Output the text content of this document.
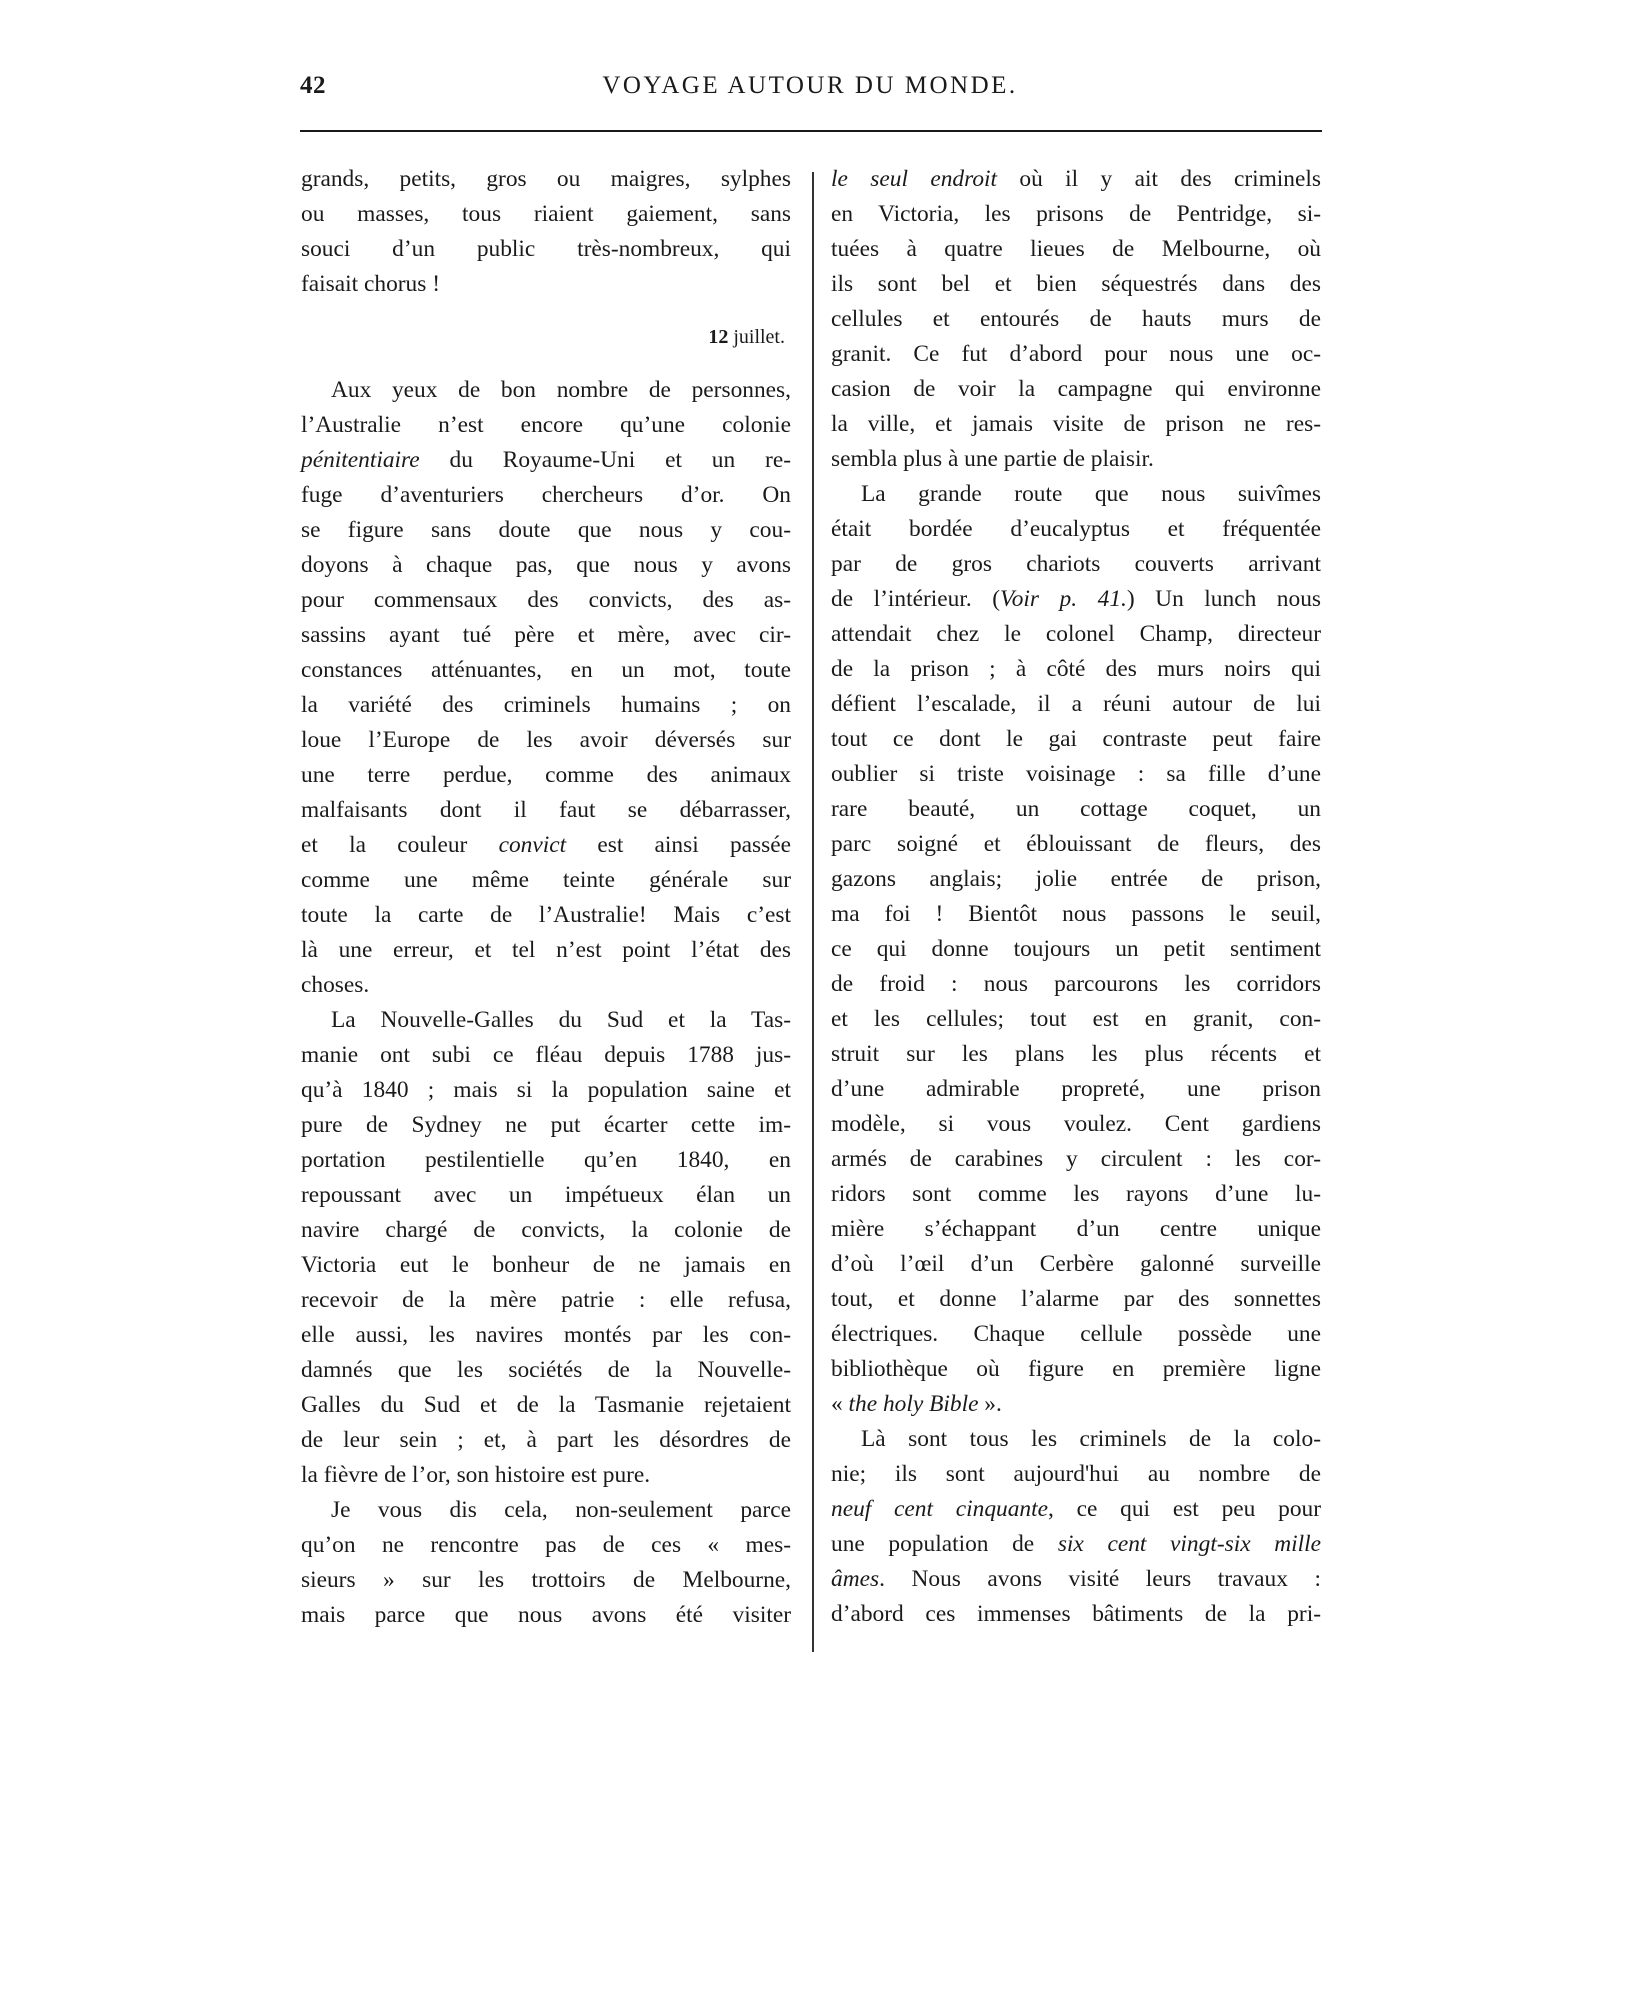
42	VOYAGE AUTOUR DU MONDE.
grands, petits, gros ou maigres, sylphes
ou masses, tous riaient gaiement, sans
souci d’un public très-nombreux, qui
faisait chorus !
12 juillet.
Aux yeux de bon nombre de personnes,
l’Australie n’est encore qu’une colonie
pénitentiaire du Royaume-Uni et un re-
fuge d’aventuriers chercheurs d’or. On
se figure sans doute que nous y cou-
doyons à chaque pas, que nous y avons
pour commensaux des convicts, des as-
sassins ayant tué père et mère, avec cir-
constances atténuantes, en un mot, toute
la variété des criminels humains ; on
loue l’Europe de les avoir déversés sur
une terre perdue, comme des animaux
malfaisants dont il faut se débarrasser,
et la couleur convict est ainsi passée
comme une même teinte générale sur
toute la carte de l’Australie! Mais c’est
là une erreur, et tel n’est point l’état des
choses.
La Nouvelle-Galles du Sud et la Tas-
manie ont subi ce fléau depuis 1788 jus-
qu’à 1840 ; mais si la population saine et
pure de Sydney ne put écarter cette im-
portation pestilentielle qu’en 1840, en
repoussant avec un impétueux élan un
navire chargé de convicts, la colonie de
Victoria eut le bonheur de ne jamais en
recevoir de la mère patrie : elle refusa,
elle aussi, les navires montés par les con-
damnés que les sociétés de la Nouvelle-
Galles du Sud et de la Tasmanie rejetaient
de leur sein ; et, à part les désordres de
la fièvre de l’or, son histoire est pure.
Je vous dis cela, non-seulement parce
qu’on ne rencontre pas de ces « mes-
sieurs » sur les trottoirs de Melbourne,
mais parce que nous avons été visiter
le seul endroit où il y ait des criminels
en Victoria, les prisons de Pentridge, si-
tuées à quatre lieues de Melbourne, où
ils sont bel et bien séquestrés dans des
cellules et entourés de hauts murs de
granit. Ce fut d’abord pour nous une oc-
casion de voir la campagne qui environne
la ville, et jamais visite de prison ne res-
sembla plus à une partie de plaisir.
La grande route que nous suivîmes
était bordée d’eucalyptus et fréquentée
par de gros chariots couverts arrivant
de l’intérieur. (Voir p. 41.) Un lunch nous
attendait chez le colonel Champ, directeur
de la prison ; à côté des murs noirs qui
défient l’escalade, il a réuni autour de lui
tout ce dont le gai contraste peut faire
oublier si triste voisinage : sa fille d’une
rare beauté, un cottage coquet, un
parc soigné et éblouissant de fleurs, des
gazons anglais; jolie entrée de prison,
ma foi ! Bientôt nous passons le seuil,
ce qui donne toujours un petit sentiment
de froid : nous parcourons les corridors
et les cellules; tout est en granit, con-
struit sur les plans les plus récents et
d’une admirable propreté, une prison
modèle, si vous voulez. Cent gardiens
armés de carabines y circulent : les cor-
ridors sont comme les rayons d’une lu-
mière s’échappant d’un centre unique
d’où l’œil d’un Cerbère galonné surveille
tout, et donne l’alarme par des sonnettes
électriques. Chaque cellule possède une
bibliothèque où figure en première ligne
« the holy Bible ».
Là sont tous les criminels de la colo-
nie; ils sont aujourd'hui au nombre de
neuf cent cinquante, ce qui est peu pour
une population de six cent vingt-six mille
âmes. Nous avons visité leurs travaux :
d’abord ces immenses bâtiments de la pri-
